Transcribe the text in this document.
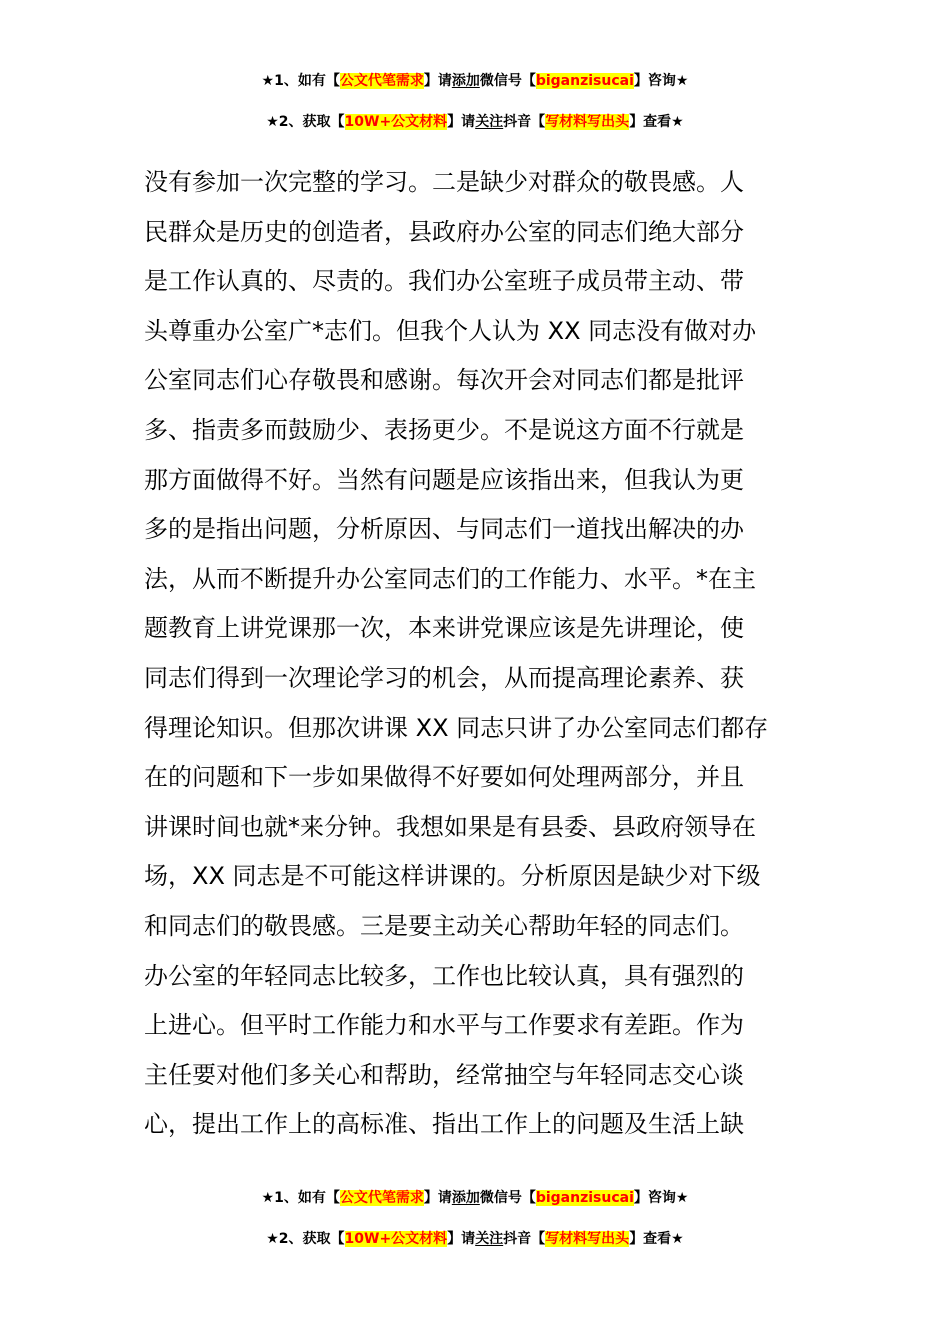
★1、如有【公文代笔需求】请添加微信号【biganzisucai】咨询★
★2、获取【10W+公文材料】请关注抖音【写材料写出头】查看★
没有参加一次完整的学习。二是缺少对群众的敬畏感。人
民群众是历史的创造者，县政府办公室的同志们绝大部分
是工作认真的、尽责的。我们办公室班子成员带主动、带
头尊重办公室广*志们。但我个人认为 XX 同志没有做对办
公室同志们心存敬畏和感谢。每次开会对同志们都是批评
多、指责多而鼓励少、表扬更少。不是说这方面不行就是
那方面做得不好。当然有问题是应该指出来，但我认为更
多的是指出问题，分析原因、与同志们一道找出解决的办
法，从而不断提升办公室同志们的工作能力、水平。*在主
题教育上讲党课那一次，本来讲党课应该是先讲理论，使
同志们得到一次理论学习的机会，从而提高理论素养、获
得理论知识。但那次讲课 XX 同志只讲了办公室同志们都存
在的问题和下一步如果做得不好要如何处理两部分，并且
讲课时间也就*来分钟。我想如果是有县委、县政府领导在
场，XX 同志是不可能这样讲课的。分析原因是缺少对下级
和同志们的敬畏感。三是要主动关心帮助年轻的同志们。
办公室的年轻同志比较多，工作也比较认真，具有强烈的
上进心。但平时工作能力和水平与工作要求有差距。作为
主任要对他们多关心和帮助，经常抽空与年轻同志交心谈
心，提出工作上的高标准、指出工作上的问题及生活上缺
★1、如有【公文代笔需求】请添加微信号【biganzisucai】咨询★
★2、获取【10W+公文材料】请关注抖音【写材料写出头】查看★
